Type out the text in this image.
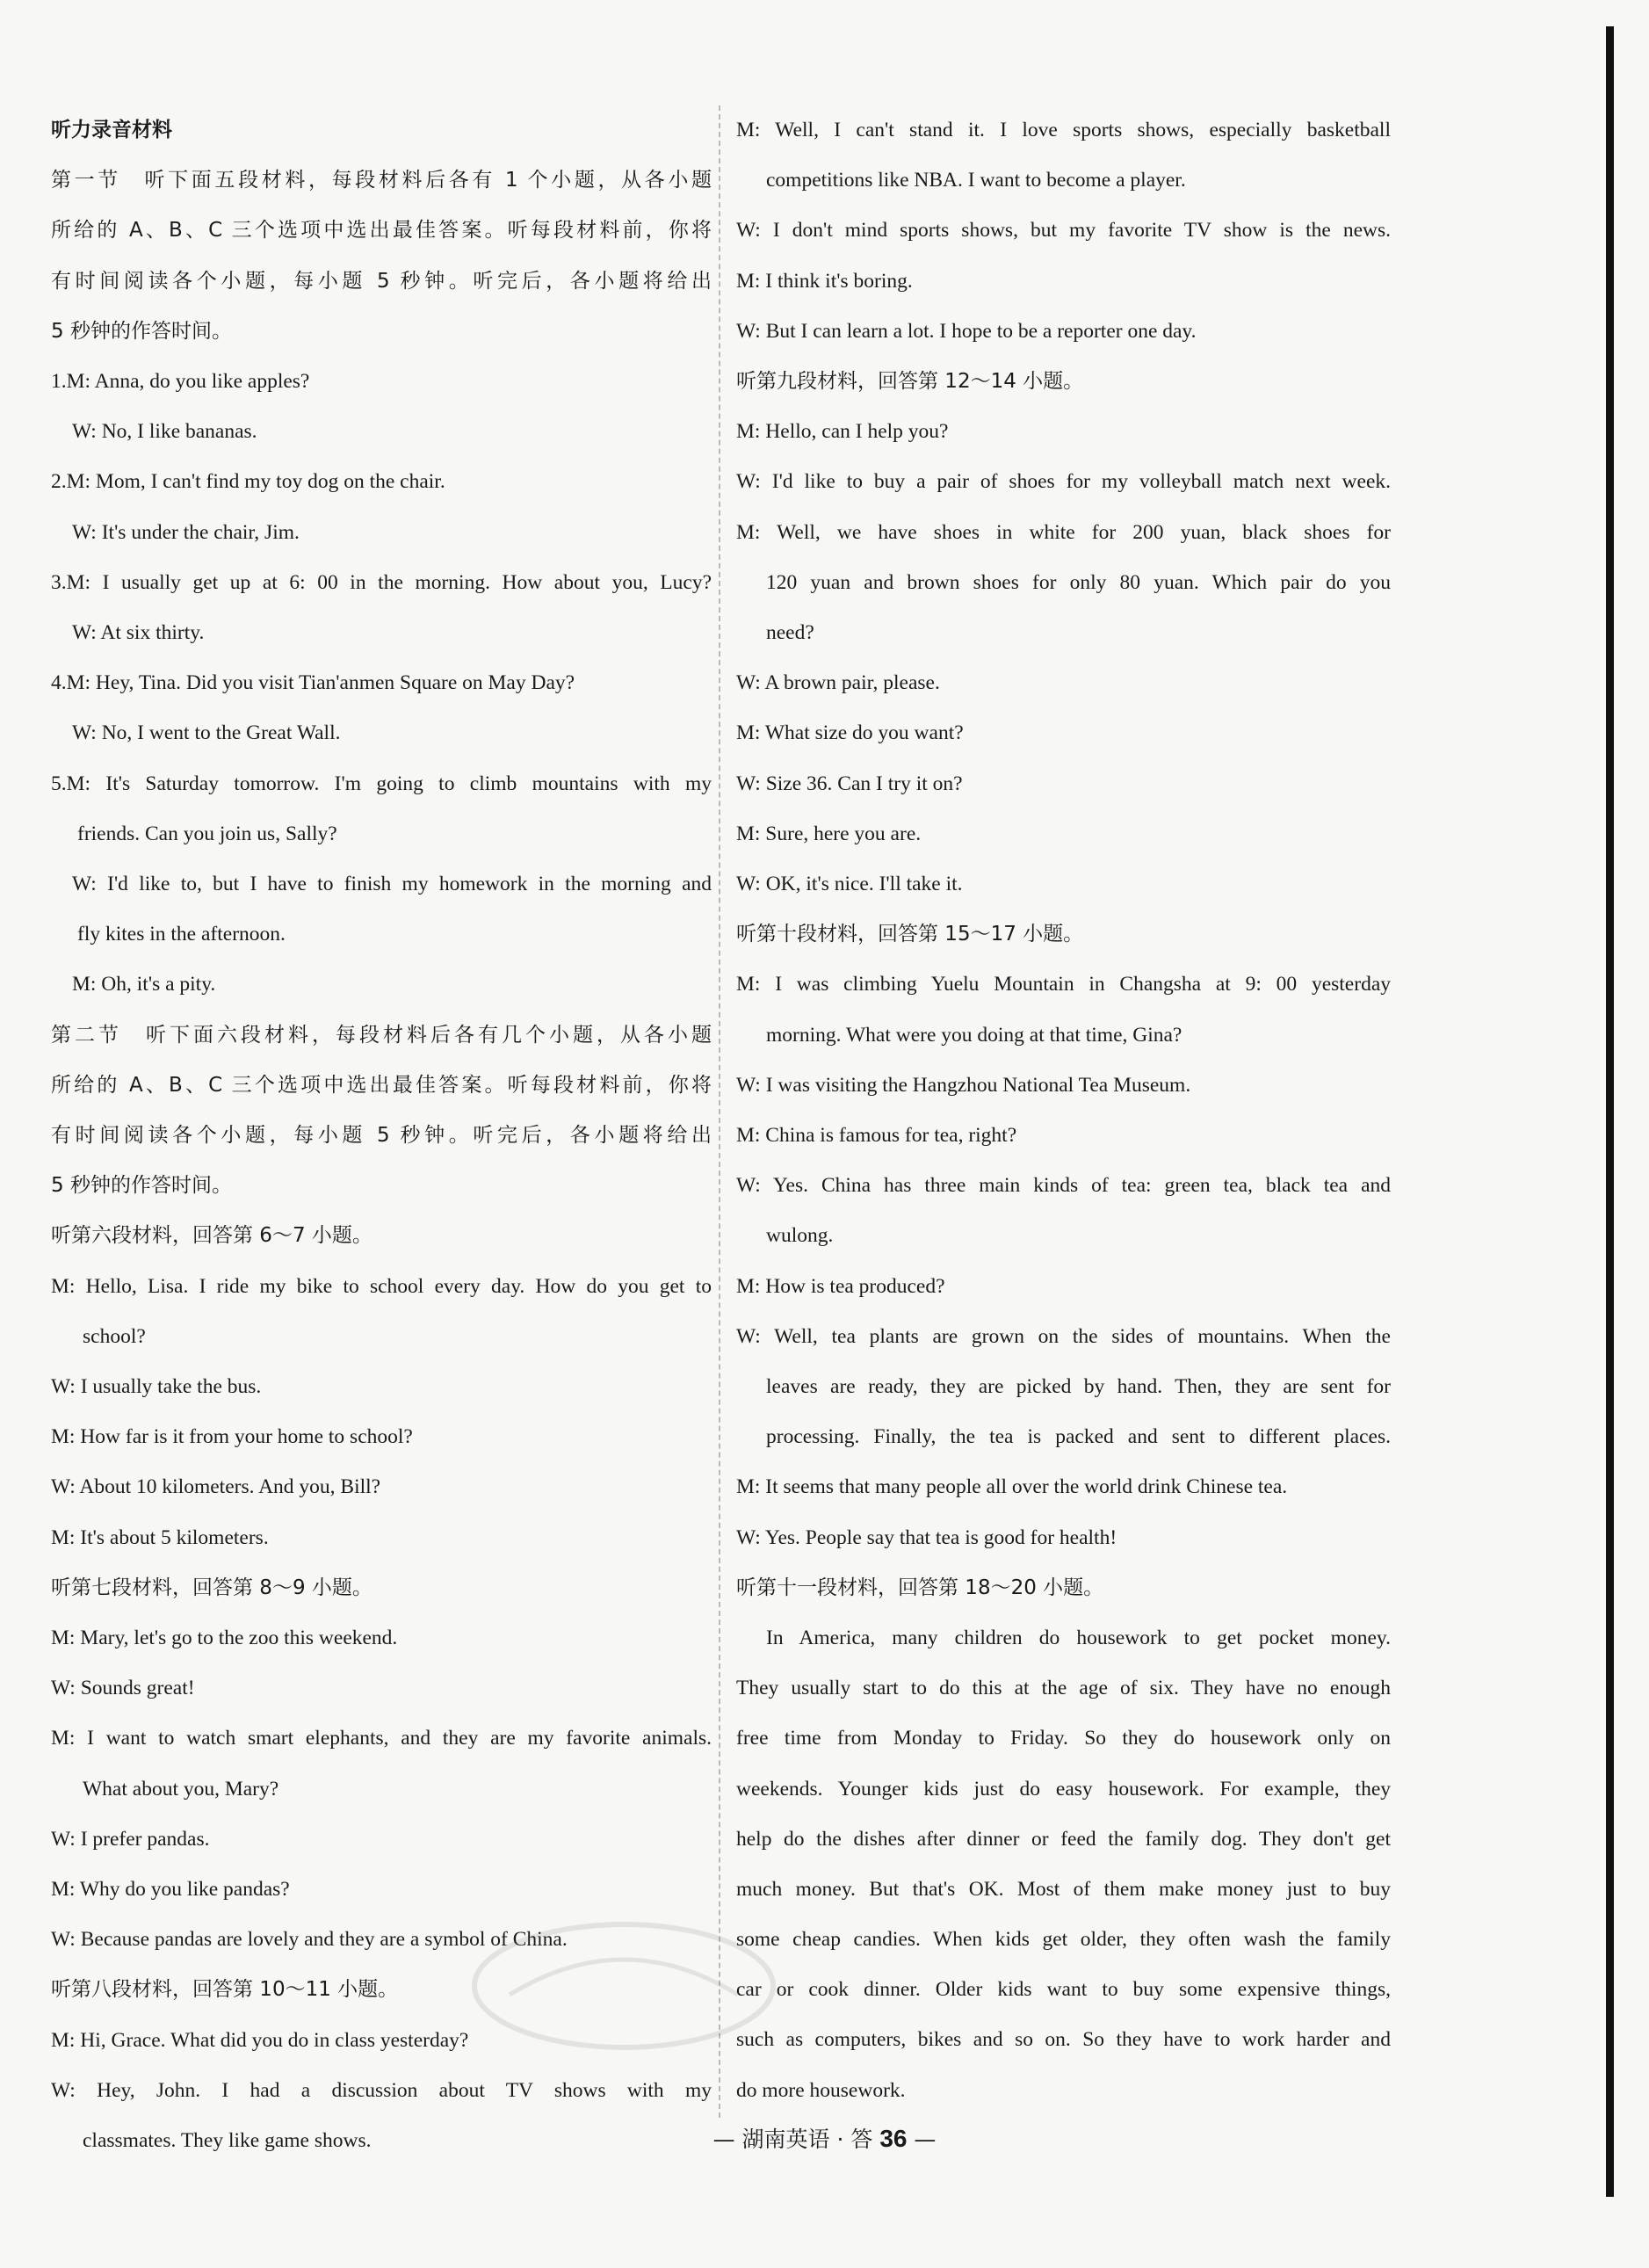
听力录音材料
第一节　听下面五段材料，每段材料后各有 1 个小题，从各小题
所给的 A、B、C 三个选项中选出最佳答案。听每段材料前，你将
有时间阅读各个小题，每小题 5 秒钟。听完后，各小题将给出
5 秒钟的作答时间。
1.M: Anna, do you like apples?
W: No, I like bananas.
2.M: Mom, I can't find my toy dog on the chair.
W: It's under the chair, Jim.
3.M: I usually get up at 6: 00 in the morning. How about you, Lucy?
W: At six thirty.
4.M: Hey, Tina. Did you visit Tian'anmen Square on May Day?
W: No, I went to the Great Wall.
5.M: It's Saturday tomorrow. I'm going to climb mountains with my
friends. Can you join us, Sally?
W: I'd like to, but I have to finish my homework in the morning and
fly kites in the afternoon.
M: Oh, it's a pity.
第二节　听下面六段材料，每段材料后各有几个小题，从各小题
所给的 A、B、C 三个选项中选出最佳答案。听每段材料前，你将
有时间阅读各个小题，每小题 5 秒钟。听完后，各小题将给出
5 秒钟的作答时间。
听第六段材料，回答第 6～7 小题。
M: Hello, Lisa. I ride my bike to school every day. How do you get to
school?
W: I usually take the bus.
M: How far is it from your home to school?
W: About 10 kilometers. And you, Bill?
M: It's about 5 kilometers.
听第七段材料，回答第 8～9 小题。
M: Mary, let's go to the zoo this weekend.
W: Sounds great!
M: I want to watch smart elephants, and they are my favorite animals.
What about you, Mary?
W: I prefer pandas.
M: Why do you like pandas?
W: Because pandas are lovely and they are a symbol of China.
听第八段材料，回答第 10～11 小题。
M: Hi, Grace. What did you do in class yesterday?
W: Hey, John. I had a discussion about TV shows with my
classmates. They like game shows.
M: Well, I can't stand it. I love sports shows, especially basketball
competitions like NBA. I want to become a player.
W: I don't mind sports shows, but my favorite TV show is the news.
M: I think it's boring.
W: But I can learn a lot. I hope to be a reporter one day.
听第九段材料，回答第 12～14 小题。
M: Hello, can I help you?
W: I'd like to buy a pair of shoes for my volleyball match next week.
M: Well, we have shoes in white for 200 yuan, black shoes for
120 yuan and brown shoes for only 80 yuan. Which pair do you
need?
W: A brown pair, please.
M: What size do you want?
W: Size 36. Can I try it on?
M: Sure, here you are.
W: OK, it's nice. I'll take it.
听第十段材料，回答第 15～17 小题。
M: I was climbing Yuelu Mountain in Changsha at 9: 00 yesterday
morning. What were you doing at that time, Gina?
W: I was visiting the Hangzhou National Tea Museum.
M: China is famous for tea, right?
W: Yes. China has three main kinds of tea: green tea, black tea and
wulong.
M: How is tea produced?
W: Well, tea plants are grown on the sides of mountains. When the
leaves are ready, they are picked by hand. Then, they are sent for
processing. Finally, the tea is packed and sent to different places.
M: It seems that many people all over the world drink Chinese tea.
W: Yes. People say that tea is good for health!
听第十一段材料，回答第 18～20 小题。
In America, many children do housework to get pocket money.
They usually start to do this at the age of six. They have no enough
free time from Monday to Friday. So they do housework only on
weekends. Younger kids just do easy housework. For example, they
help do the dishes after dinner or feed the family dog. They don't get
much money. But that's OK. Most of them make money just to buy
some cheap candies. When kids get older, they often wash the family
car or cook dinner. Older kids want to buy some expensive things,
such as computers, bikes and so on. So they have to work harder and
do more housework.
— 湖南英语 · 答 36 —
